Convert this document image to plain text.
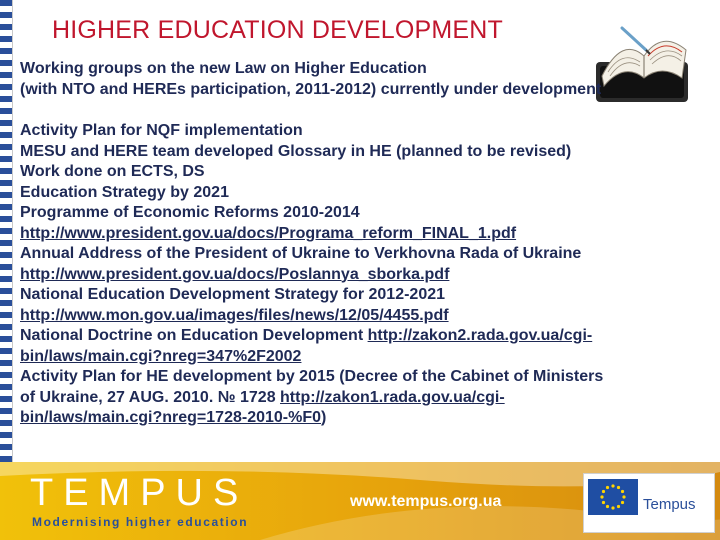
HIGHER EDUCATION DEVELOPMENT
Working groups on the new Law on Higher Education
(with NTO and HEREs participation, 2011-2012) currently under development
Activity Plan for NQF implementation
MESU and HERE team developed Glossary in HE (planned to be revised)
Work done on ECTS, DS
Education Strategy by 2021
Programme of Economic Reforms 2010-2014
http://www.president.gov.ua/docs/Programa_reform_FINAL_1.pdf
Annual Address of the President of Ukraine to Verkhovna Rada of Ukraine
http://www.president.gov.ua/docs/Poslannya_sborka.pdf
National Education Development Strategy for 2012-2021
http://www.mon.gov.ua/images/files/news/12/05/4455.pdf
National Doctrine on Education Development http://zakon2.rada.gov.ua/cgi-
bin/laws/main.cgi?nreg=347%2F2002
Activity Plan for HE development by 2015 (Decree of the Cabinet of Ministers
of Ukraine, 27 AUG. 2010. № 1728 http://zakon1.rada.gov.ua/cgi-
bin/laws/main.cgi?nreg=1728-2010-%F0)
TEMPUS
Modernising higher education
www.tempus.org.ua	Tempus
